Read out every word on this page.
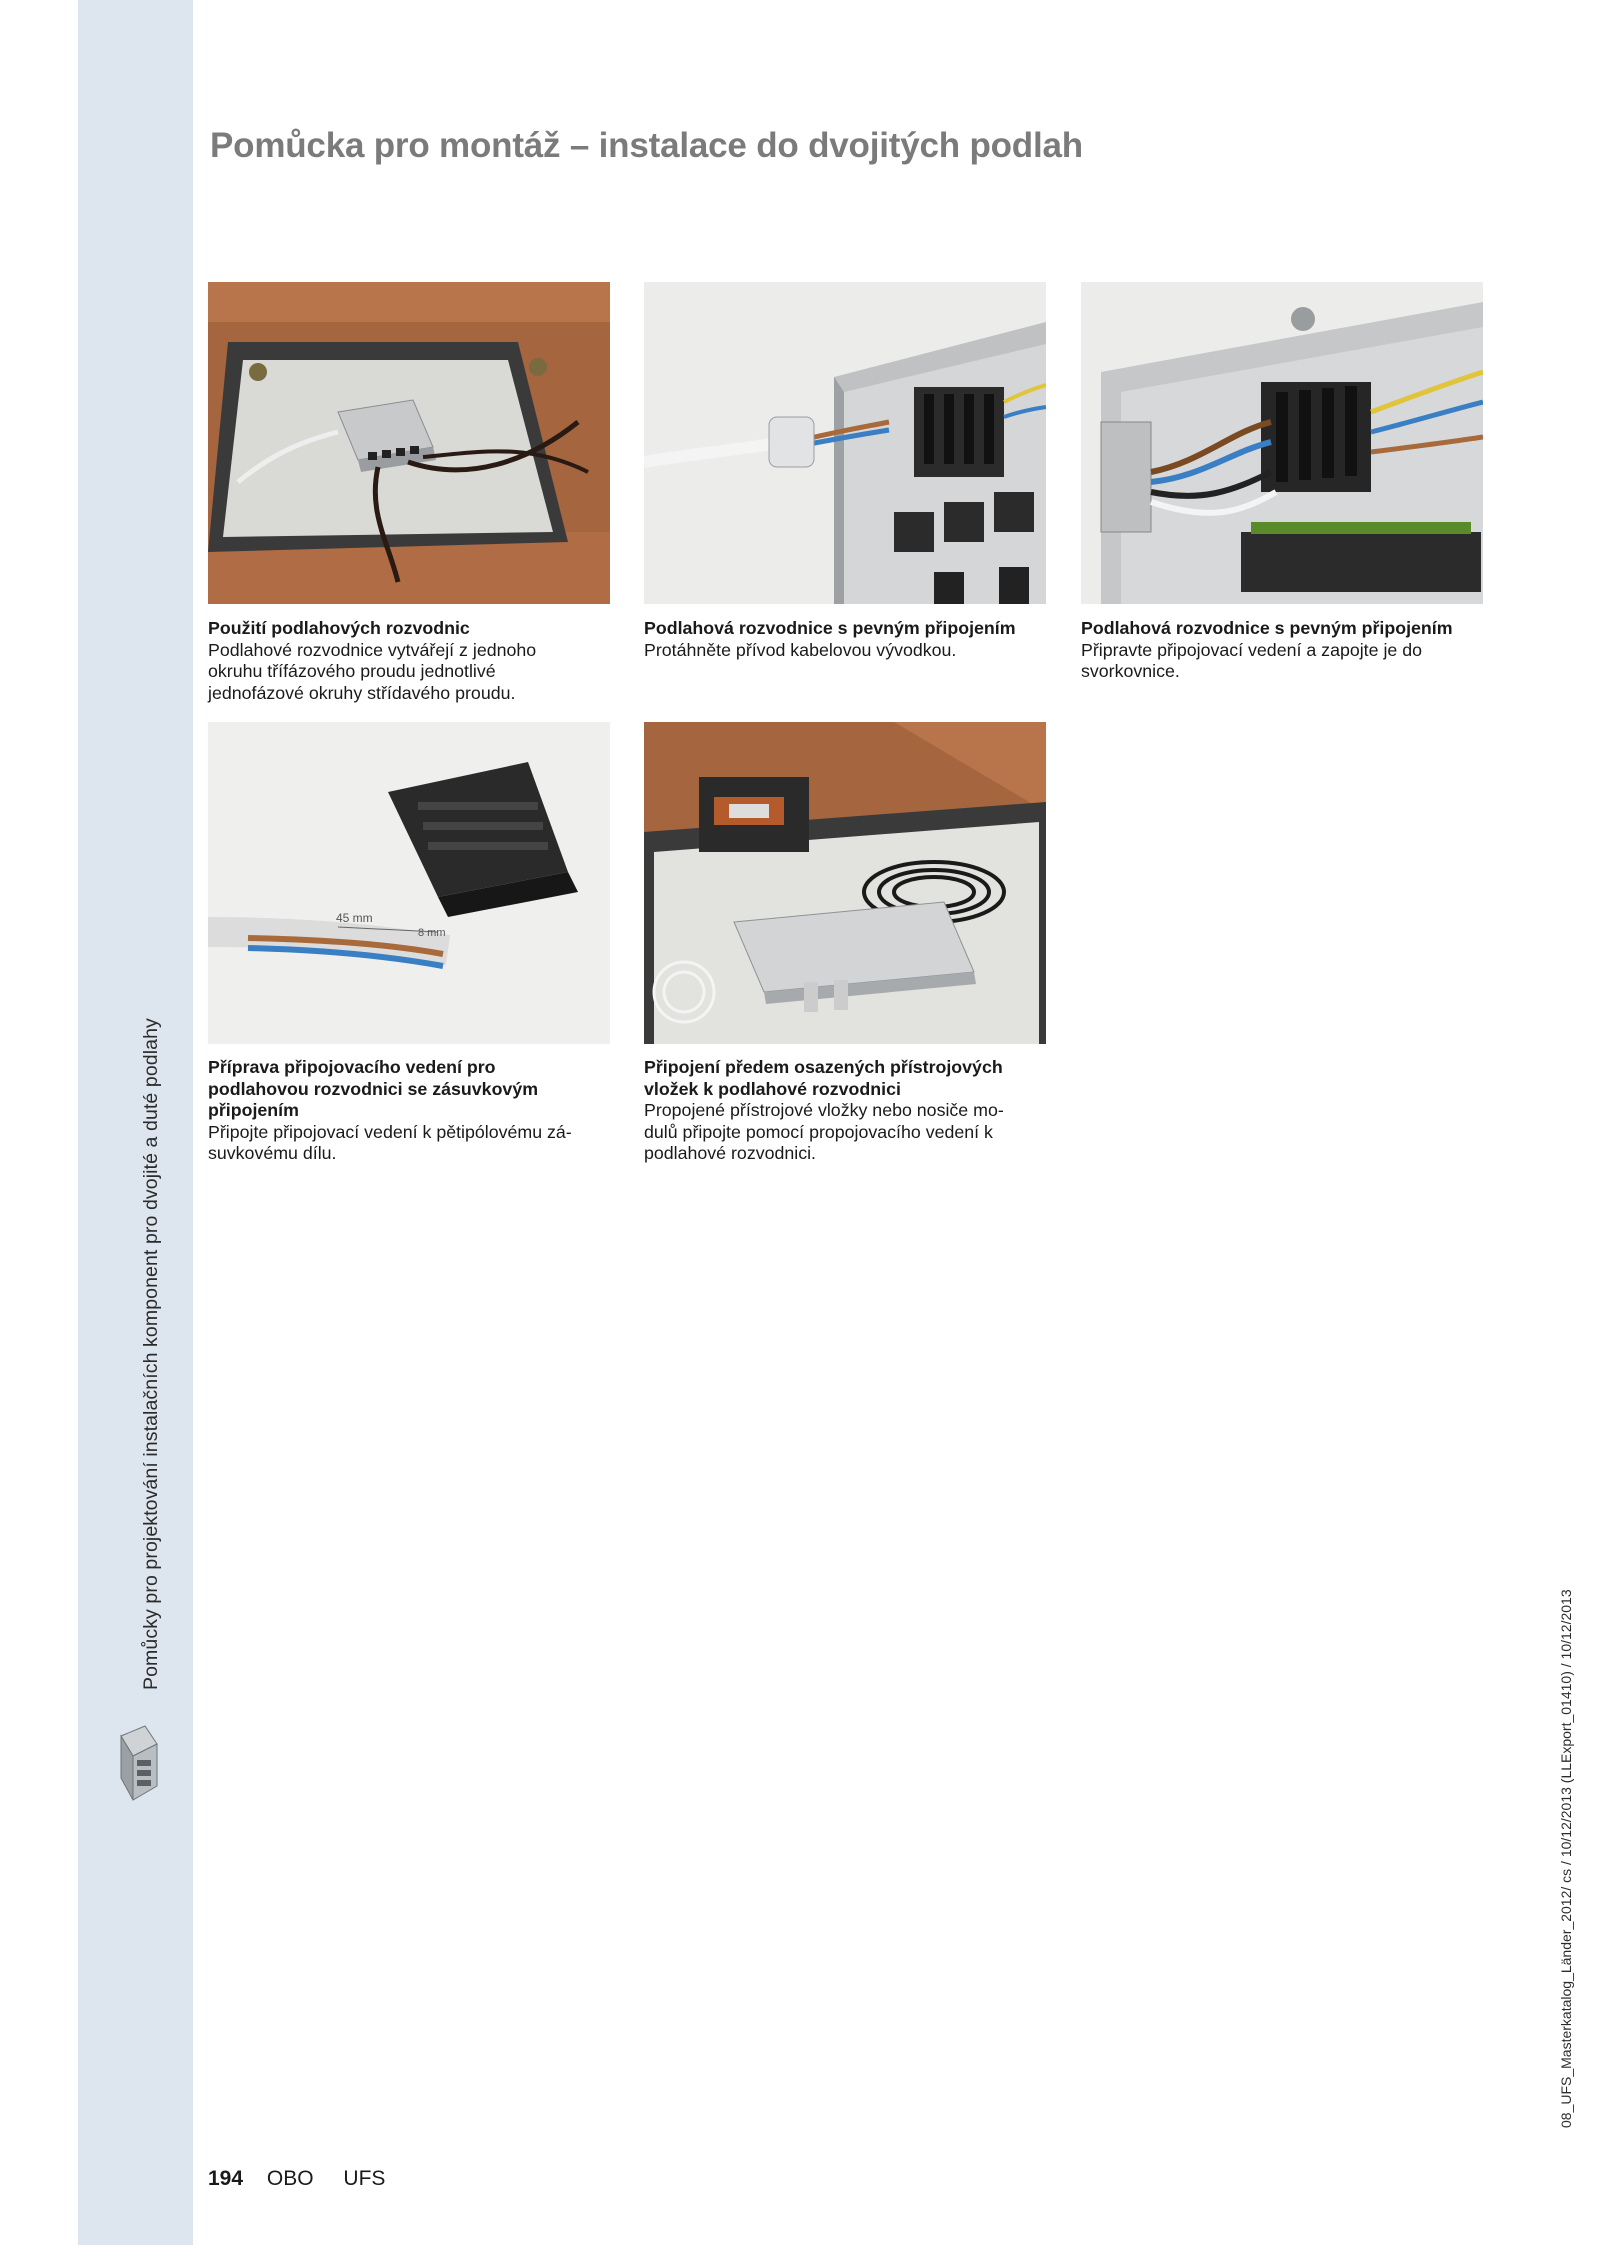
Pomůcky pro projektování instalačních komponent pro dvojité a duté podlahy
Pomůcka pro montáž – instalace do dvojitých podlah
45 mm
8 mm
Použití podlahových rozvodnic
Podlahové rozvodnice vytvářejí z jednoho
okruhu třífázového proudu jednotlivé
jednofázové okruhy střídavého proudu.
Podlahová rozvodnice s pevným připojením
Protáhněte přívod kabelovou vývodkou.
Podlahová rozvodnice s pevným připojením
Připravte připojovací vedení a zapojte je do
svorkovnice.
Příprava připojovacího vedení pro
podlahovou rozvodnici se zásuvkovým
připojením
Připojte připojovací vedení k pětipólovému zá-
suvkovému dílu.
Připojení předem osazených přístrojových
vložek k podlahové rozvodnici
Propojené přístrojové vložky nebo nosiče mo-
dulů připojte pomocí propojovacího vedení k
podlahové rozvodnici.
194 OBO UFS
08_UFS_Masterkatalog_Länder_2012/ cs / 10/12/2013 (LLExport_01410) / 10/12/2013
